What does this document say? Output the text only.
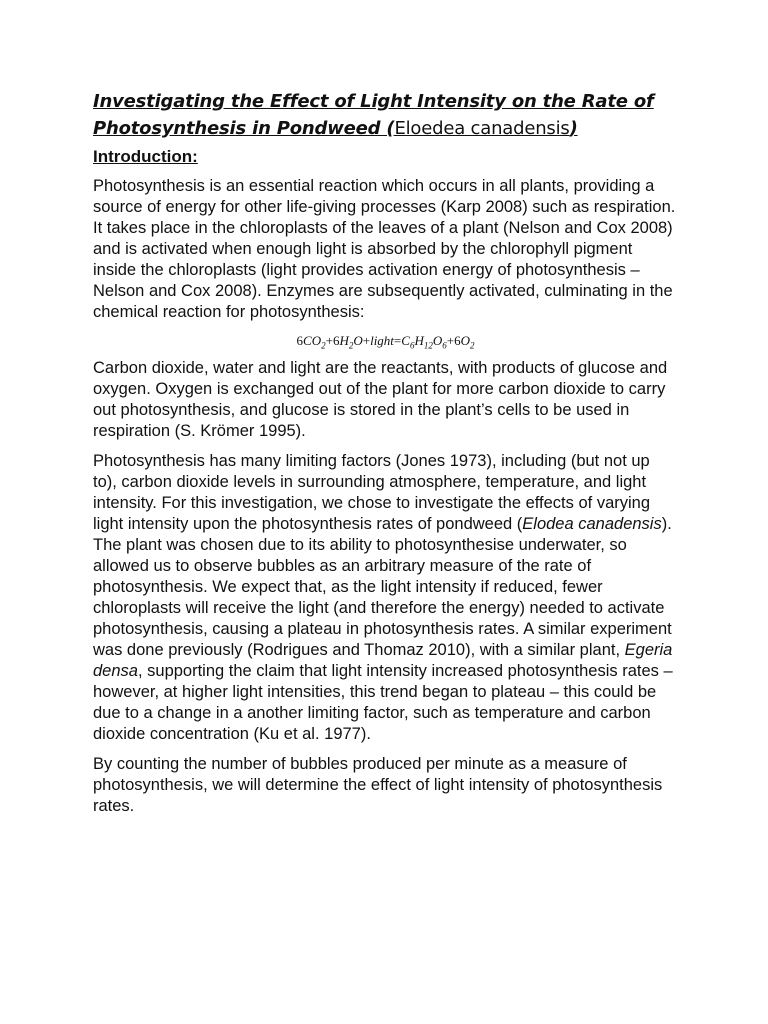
Investigating the Effect of Light Intensity on the Rate of Photosynthesis in Pondweed (Eloedea canadensis)
Introduction:

Photosynthesis is an essential reaction which occurs in all plants, providing a source of energy for other life-giving processes (Karp 2008) such as respiration. It takes place in the chloroplasts of the leaves of a plant (Nelson and Cox 2008) and is activated when enough light is absorbed by the chlorophyll pigment inside the chloroplasts (light provides activation energy of photosynthesis – Nelson and Cox 2008). Enzymes are subsequently activated, culminating in the chemical reaction for photosynthesis:

$6CO_2+6H_2O+light=C_6H_{12}O_6+6O_2$

Carbon dioxide, water and light are the reactants, with products of glucose and oxygen. Oxygen is exchanged out of the plant for more carbon dioxide to carry out photosynthesis, and glucose is stored in the plant’s cells to be used in respiration (S. Krömer 1995).

Photosynthesis has many limiting factors (Jones 1973), including (but not up to), carbon dioxide levels in surrounding atmosphere, temperature, and light intensity. For this investigation, we chose to investigate the effects of varying light intensity upon the photosynthesis rates of pondweed (Elodea canadensis). The plant was chosen due to its ability to photosynthesise underwater, so allowed us to observe bubbles as an arbitrary measure of the rate of photosynthesis. We expect that, as the light intensity if reduced, fewer chloroplasts will receive the light (and therefore the energy) needed to activate photosynthesis, causing a plateau in photosynthesis rates. A similar experiment was done previously (Rodrigues and Thomaz 2010), with a similar plant, Egeria densa, supporting the claim that light intensity increased photosynthesis rates – however, at higher light intensities, this trend began to plateau – this could be due to a change in a another limiting factor, such as temperature and carbon dioxide concentration (Ku et al. 1977).

By counting the number of bubbles produced per minute as a measure of photosynthesis, we will determine the effect of light intensity of photosynthesis rates.
